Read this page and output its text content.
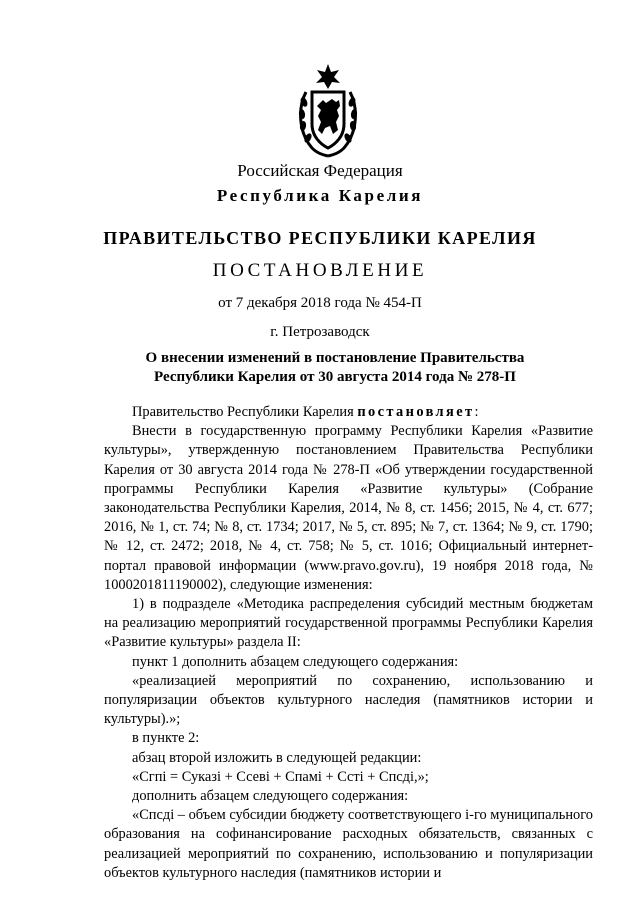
Российская Федерация
Республика Карелия
ПРАВИТЕЛЬСТВО РЕСПУБЛИКИ КАРЕЛИЯ
ПОСТАНОВЛЕНИЕ
от 7 декабря 2018 года № 454-П
г. Петрозаводск
О внесении изменений в постановление Правительства
Республики Карелия от 30 августа 2014 года № 278-П

Правительство Республики Карелия постановляет:

Внести в государственную программу Республики Карелия «Развитие культуры», утвержденную постановлением Правительства Республики Карелия от 30 августа 2014 года № 278-П «Об утверждении государственной программы Республики Карелия «Развитие культуры» (Собрание законодательства Республики Карелия, 2014, № 8, ст. 1456; 2015, № 4, ст. 677; 2016, № 1, ст. 74; № 8, ст. 1734; 2017, № 5, ст. 895; № 7, ст. 1364; № 9, ст. 1790; № 12, ст. 2472; 2018, № 4, ст. 758; № 5, ст. 1016; Официальный интернет-портал правовой информации (www.pravo.gov.ru), 19 ноября 2018 года, № 1000201811190002), следующие изменения:

1) в подразделе «Методика распределения субсидий местным бюджетам на реализацию мероприятий государственной программы Республики Карелия «Развитие культуры» раздела II:

пункт 1 дополнить абзацем следующего содержания:

«реализацией мероприятий по сохранению, использованию и популяризации объектов культурного наследия (памятников истории и культуры).»;

в пункте 2:

абзац второй изложить в следующей редакции:

«Сгпі = Суказі + Ссеві + Спамі + Ссті + Спсді,»;

дополнить абзацем следующего содержания:

«Спсді – объем субсидии бюджету соответствующего і-го муниципального образования на софинансирование расходных обязательств, связанных с реализацией мероприятий по сохранению, использованию и популяризации объектов культурного наследия (памятников истории и
